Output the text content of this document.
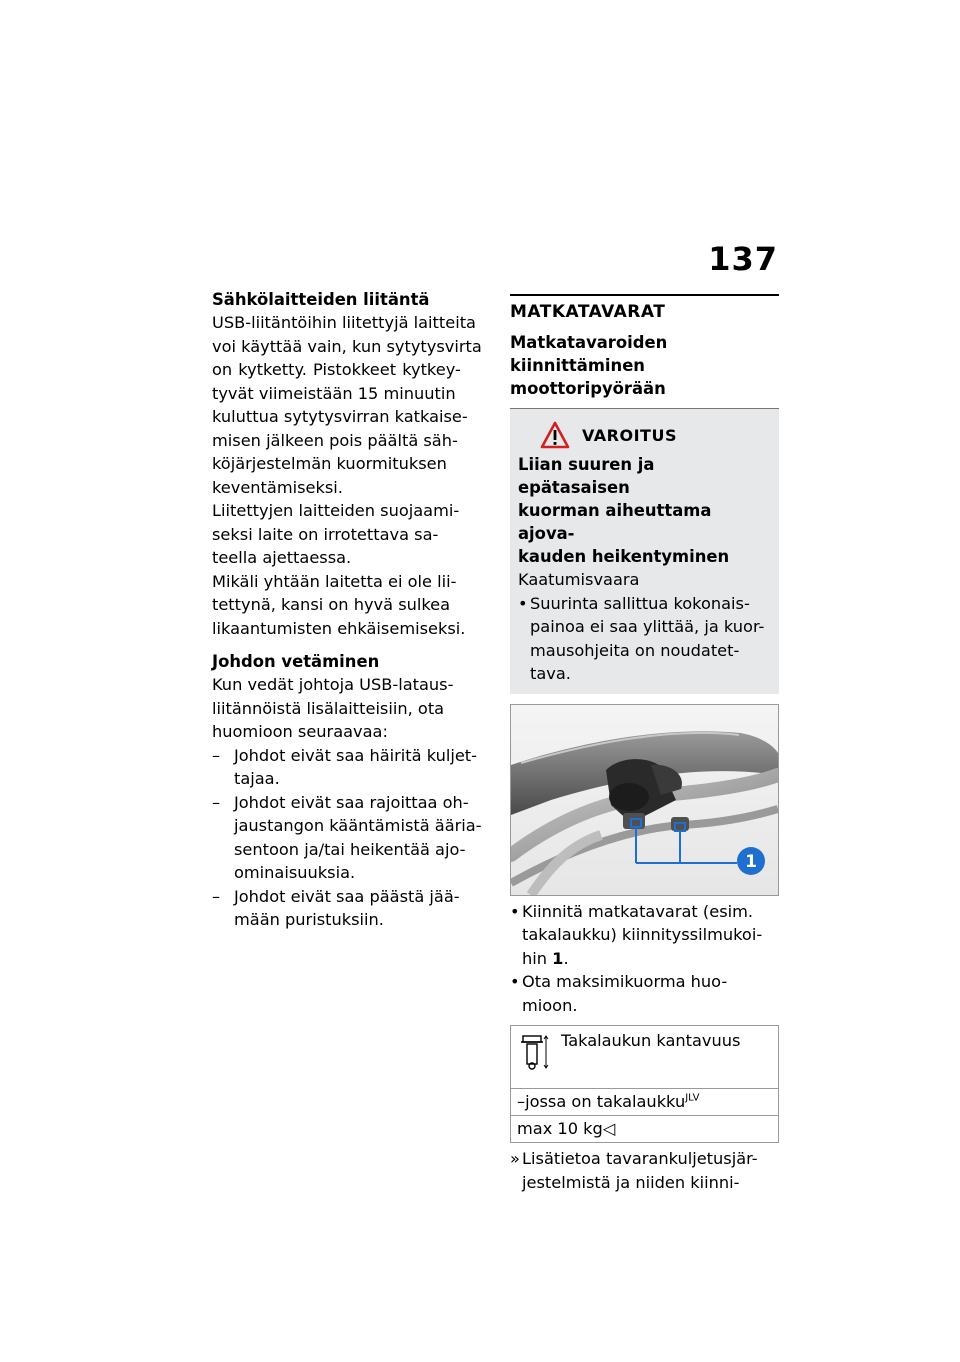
137
Sähkölaitteiden liitäntä
USB-liitäntöihin liitettyjä laitteita
voi käyttää vain, kun sytytysvirta
on kytketty. Pistokkeet kytkey-
tyvät viimeistään 15 minuutin
kuluttua sytytysvirran katkaise-
misen jälkeen pois päältä säh-
köjärjestelmän kuormituksen
keventämiseksi.
Liitettyjen laitteiden suojaami-
seksi laite on irrotettava sa-
teella ajettaessa.
Mikäli yhtään laitetta ei ole lii-
tettynä, kansi on hyvä sulkea
likaantumisten ehkäisemiseksi.
Johdon vetäminen
Kun vedät johtoja USB-lataus-
liitännöistä lisälaitteisiin, ota
huomioon seuraavaa:
– Johdot eivät saa häiritä kuljet-
tajaa.
– Johdot eivät saa rajoittaa oh-
jaustangon kääntämistä ääria-
sentoon ja/tai heikentää ajo-
ominaisuuksia.
– Johdot eivät saa päästä jää-
mään puristuksiin.
MATKATAVARAT
Matkatavaroiden
kiinnittäminen
moottoripyörään
VAROITUS
Liian suuren ja epätasaisen
kuorman aiheuttama ajova-
kauden heikentyminen
Kaatumisvaara
• Suurinta sallittua kokonais-
painoa ei saa ylittää, ja kuor-
mausohjeita on noudatet-
tava.
1
• Kiinnitä matkatavarat (esim.
takalaukku) kiinnityssilmukoi-
hin 1.
• Ota maksimikuorma huo-
mioon.
Takalaukun kantavuus
–jossa on takalaukku$^{JLV}$
max 10 kg◁
» Lisätietoa tavarankuljetusjär-
jestelmistä ja niiden kiinni-
